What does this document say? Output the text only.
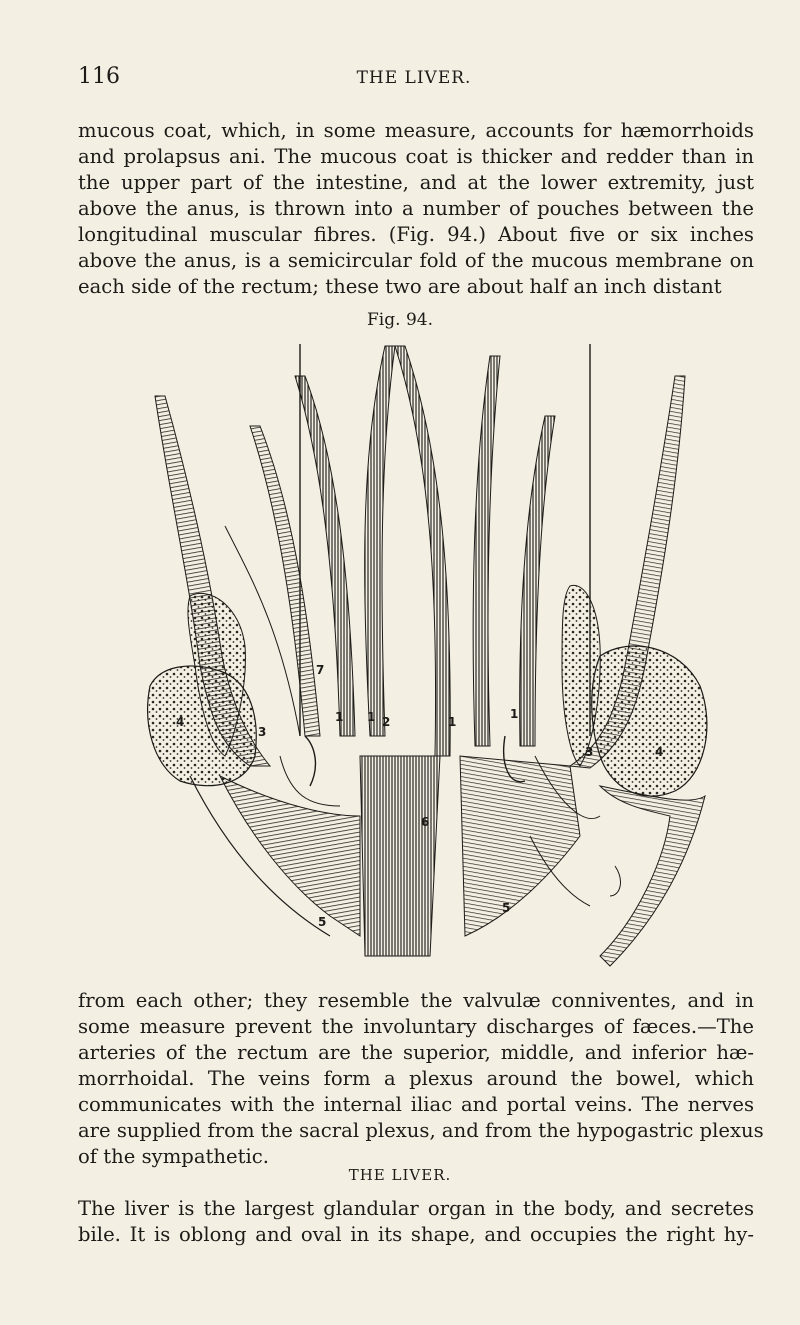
116	THE LIVER.
mucous coat, which, in some measure, accounts for hæmorrhoids
and prolapsus ani. The mucous coat is thicker and redder than in
the upper part of the intestine, and at the lower extremity, just
above the anus, is thrown into a number of pouches between the
longitudinal muscular fibres. (Fig. 94.) About five or six inches
above the anus, is a semicircular fold of the mucous membrane on
each side of the rectum; these two are about half an inch distant
Fig. 94.
1 1 2	1
1
3
3
4
4
5
5
6
7
from each other; they resemble the valvulæ conniventes, and in
some measure prevent the involuntary discharges of fæces.—The
arteries of the rectum are the superior, middle, and inferior hæ-
morrhoidal. The veins form a plexus around the bowel, which
communicates with the internal iliac and portal veins. The nerves
are supplied from the sacral plexus, and from the hypogastric plexus
of the sympathetic.
THE LIVER.
The liver is the largest glandular organ in the body, and secretes
bile. It is oblong and oval in its shape, and occupies the right hy-
